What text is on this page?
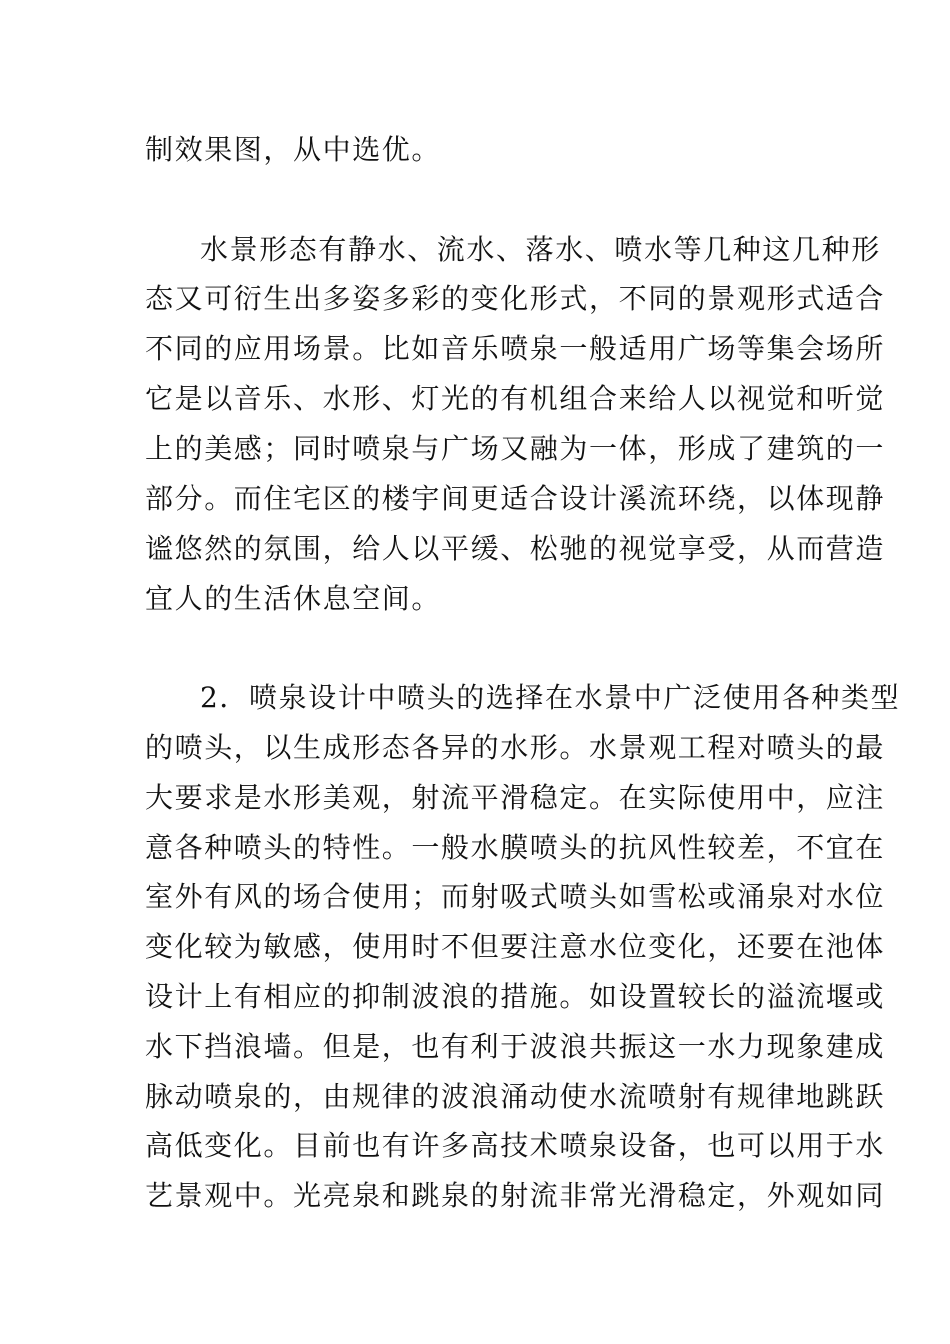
制效果图，从中选优。
水景形态有静水、流水、落水、喷水等几种这几种形
态又可衍生出多姿多彩的变化形式，不同的景观形式适合
不同的应用场景。比如音乐喷泉一般适用广场等集会场所
它是以音乐、水形、灯光的有机组合来给人以视觉和听觉
上的美感；同时喷泉与广场又融为一体，形成了建筑的一
部分。而住宅区的楼宇间更适合设计溪流环绕，以体现静
谧悠然的氛围，给人以平缓、松驰的视觉享受，从而营造
宜人的生活休息空间。
2．喷泉设计中喷头的选择在水景中广泛使用各种类型
的喷头，以生成形态各异的水形。水景观工程对喷头的最
大要求是水形美观，射流平滑稳定。在实际使用中，应注
意各种喷头的特性。一般水膜喷头的抗风性较差，不宜在
室外有风的场合使用；而射吸式喷头如雪松或涌泉对水位
变化较为敏感，使用时不但要注意水位变化，还要在池体
设计上有相应的抑制波浪的措施。如设置较长的溢流堰或
水下挡浪墙。但是，也有利于波浪共振这一水力现象建成
脉动喷泉的，由规律的波浪涌动使水流喷射有规律地跳跃
高低变化。目前也有许多高技术喷泉设备，也可以用于水
艺景观中。光亮泉和跳泉的射流非常光滑稳定，外观如同
